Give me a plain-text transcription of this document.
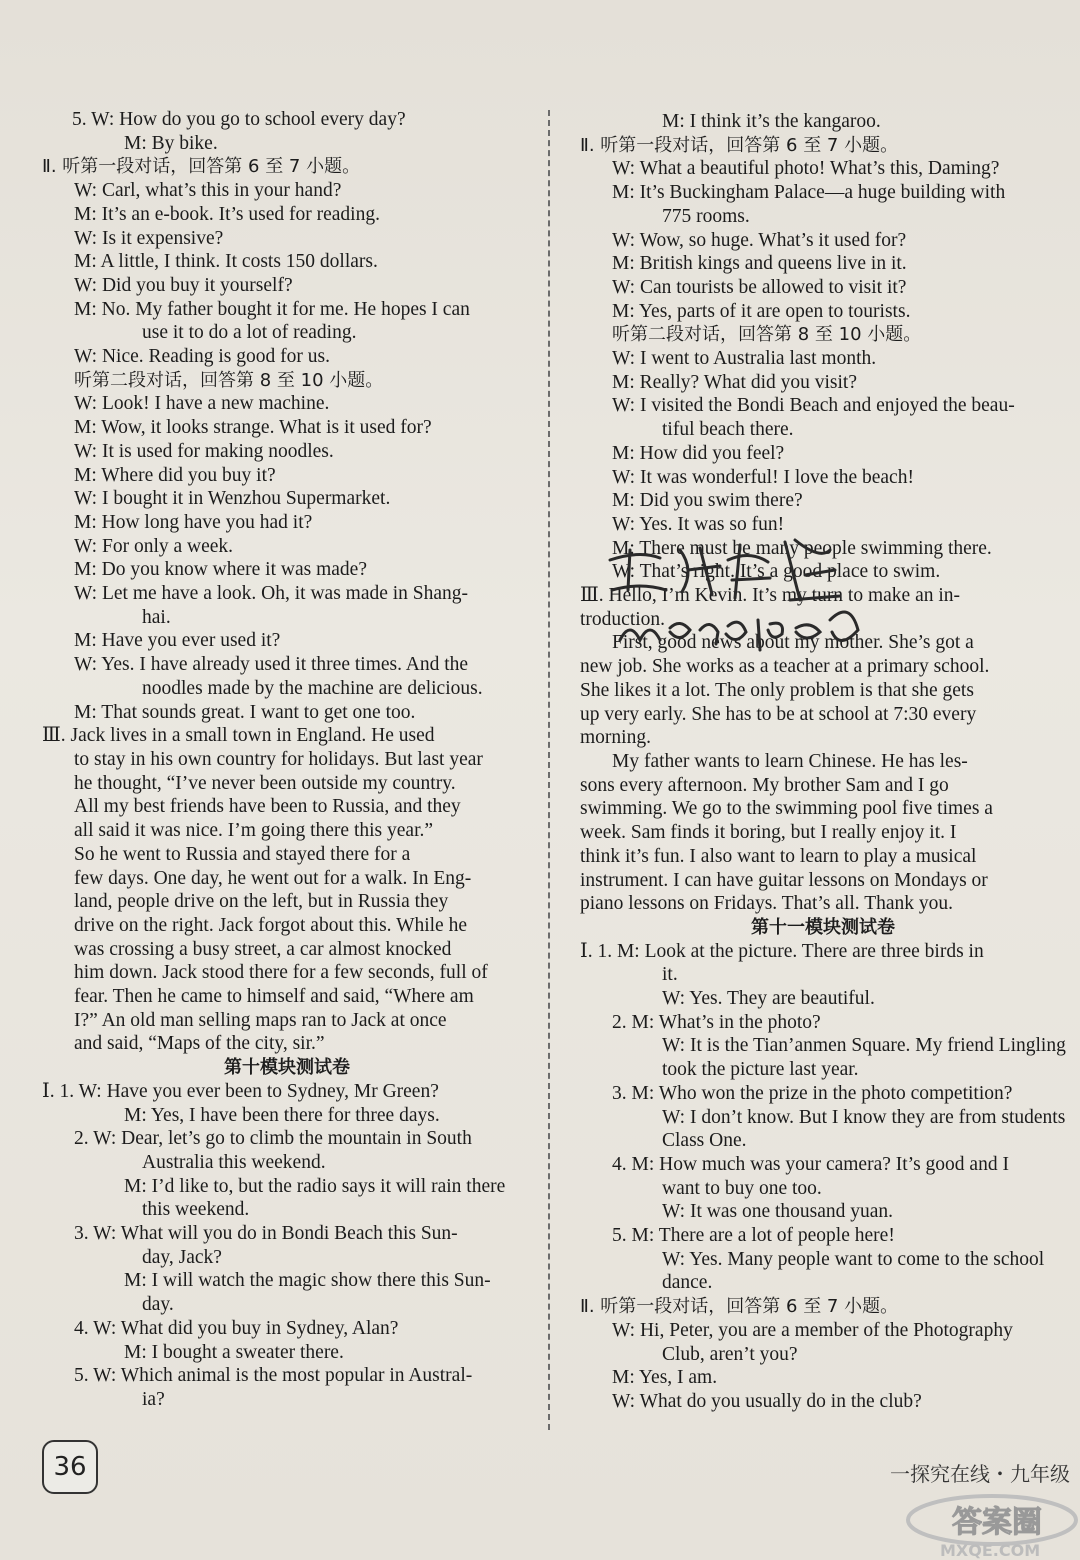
5. W: How do you go to school every day?
M: By bike.
Ⅱ. 听第一段对话，回答第 6 至 7 小题。
W: Carl, what’s this in your hand?
M: It’s an e-book. It’s used for reading.
W: Is it expensive?
M: A little, I think. It costs 150 dollars.
W: Did you buy it yourself?
M: No. My father bought it for me. He hopes I can
use it to do a lot of reading.
W: Nice. Reading is good for us.
听第二段对话，回答第 8 至 10 小题。
W: Look! I have a new machine.
M: Wow, it looks strange. What is it used for?
W: It is used for making noodles.
M: Where did you buy it?
W: I bought it in Wenzhou Supermarket.
M: How long have you had it?
W: For only a week.
M: Do you know where it was made?
W: Let me have a look. Oh, it was made in Shang-
hai.
M: Have you ever used it?
W: Yes. I have already used it three times. And the
noodles made by the machine are delicious.
M: That sounds great. I want to get one too.
Ⅲ. Jack lives in a small town in England. He used
to stay in his own country for holidays. But last year
he thought, “I’ve never been outside my country.
All my best friends have been to Russia, and they
all said it was nice. I’m going there this year.”
So he went to Russia and stayed there for a
few days. One day, he went out for a walk. In Eng-
land, people drive on the left, but in Russia they
drive on the right. Jack forgot about this. While he
was crossing a busy street, a car almost knocked
him down. Jack stood there for a few seconds, full of
fear. Then he came to himself and said, “Where am
I?” An old man selling maps ran to Jack at once
and said, “Maps of the city, sir.”
第十模块测试卷
Ⅰ. 1. W: Have you ever been to Sydney, Mr Green?
M: Yes, I have been there for three days.
2. W: Dear, let’s go to climb the mountain in South
Australia this weekend.
M: I’d like to, but the radio says it will rain there
this weekend.
3. W: What will you do in Bondi Beach this Sun-
day, Jack?
M: I will watch the magic show there this Sun-
day.
4. W: What did you buy in Sydney, Alan?
M: I bought a sweater there.
5. W: Which animal is the most popular in Austral-
ia?
M: I think it’s the kangaroo.
Ⅱ. 听第一段对话，回答第 6 至 7 小题。
W: What a beautiful photo! What’s this, Daming?
M: It’s Buckingham Palace—a huge building with
775 rooms.
W: Wow, so huge. What’s it used for?
M: British kings and queens live in it.
W: Can tourists be allowed to visit it?
M: Yes, parts of it are open to tourists.
听第二段对话，回答第 8 至 10 小题。
W: I went to Australia last month.
M: Really? What did you visit?
W: I visited the Bondi Beach and enjoyed the beau-
tiful beach there.
M: How did you feel?
W: It was wonderful! I love the beach!
M: Did you swim there?
W: Yes. It was so fun!
M: There must be many people swimming there.
W: That’s right. It’s a good place to swim.
Ⅲ. Hello, I’m Kevin. It’s my turn to make an in-
troduction.
First, good news about my mother. She’s got a
new job. She works as a teacher at a primary school.
She likes it a lot. The only problem is that she gets
up very early. She has to be at school at 7:30 every
morning.
My father wants to learn Chinese. He has les-
sons every afternoon. My brother Sam and I go
swimming. We go to the swimming pool five times a
week. Sam finds it boring, but I really enjoy it. I
think it’s fun. I also want to learn to play a musical
instrument. I can have guitar lessons on Mondays or
piano lessons on Fridays. That’s all. Thank you.
第十一模块测试卷
Ⅰ. 1. M: Look at the picture. There are three birds in
it.
W: Yes. They are beautiful.
2. M: What’s in the photo?
W: It is the Tian’anmen Square. My friend Lingling
took the picture last year.
3. M: Who won the prize in the photo competition?
W: I don’t know. But I know they are from students
Class One.
4. M: How much was your camera? It’s good and I
want to buy one too.
W: It was one thousand yuan.
5. M: There are a lot of people here!
W: Yes. Many people want to come to the school
dance.
Ⅱ. 听第一段对话，回答第 6 至 7 小题。
W: Hi, Peter, you are a member of the Photography
Club, aren’t you?
M: Yes, I am.
W: What do you usually do in the club?
36	一探究在线・九年级
答案圈
MXQE.COM
